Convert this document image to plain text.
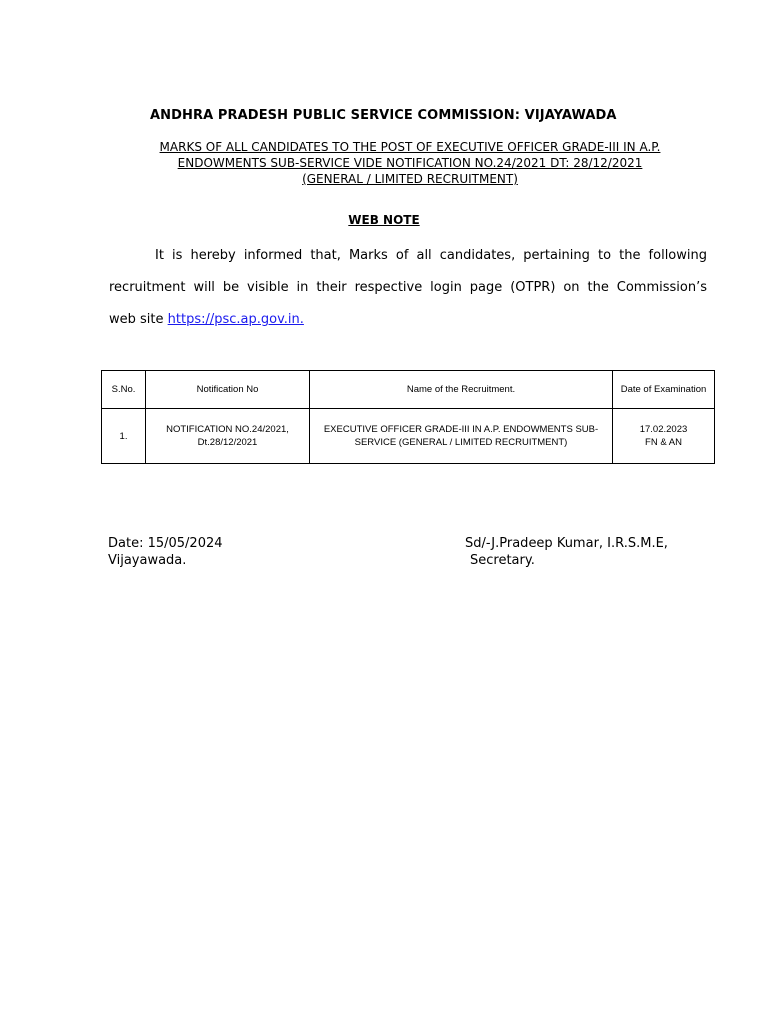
ANDHRA PRADESH PUBLIC SERVICE COMMISSION: VIJAYAWADA
MARKS OF ALL CANDIDATES TO THE POST OF EXECUTIVE OFFICER GRADE-III IN A.P.
ENDOWMENTS SUB-SERVICE VIDE NOTIFICATION NO.24/2021 DT: 28/12/2021
(GENERAL / LIMITED RECRUITMENT)
WEB NOTE
It is hereby informed that, Marks of all candidates, pertaining to the following
recruitment will be visible in their respective login page (OTPR) on the Commission’s
web site https://psc.ap.gov.in.
S.No.	Notification No	Name of the Recruitment.	Date of Examination
1.	NOTIFICATION NO.24/2021, Dt.28/12/2021	EXECUTIVE OFFICER GRADE-III IN A.P. ENDOWMENTS SUB-SERVICE (GENERAL / LIMITED RECRUITMENT)	17.02.2023
FN & AN
Date: 15/05/2024
Vijayawada.
Sd/-J.Pradeep Kumar, I.R.S.M.E,
Secretary.
